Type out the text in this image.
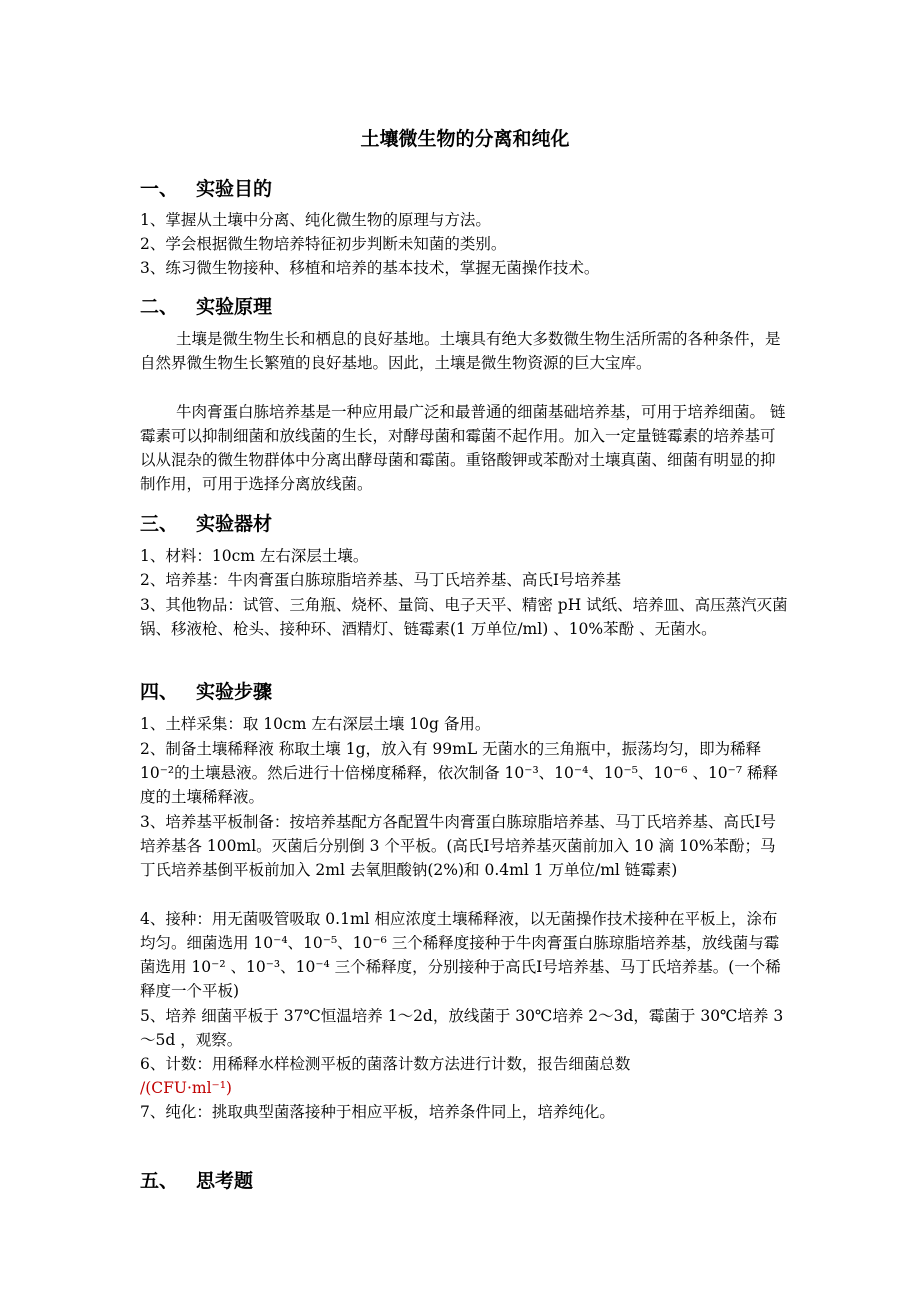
土壤微生物的分离和纯化
一、 实验目的
1、掌握从土壤中分离、纯化微生物的原理与方法。
2、学会根据微生物培养特征初步判断未知菌的类别。
3、练习微生物接种、移植和培养的基本技术，掌握无菌操作技术。
二、 实验原理
土壤是微生物生长和栖息的良好基地。土壤具有绝大多数微生物生活所需的各种条件，是自然界微生物生长繁殖的良好基地。因此，土壤是微生物资源的巨大宝库。
牛肉膏蛋白胨培养基是一种应用最广泛和最普通的细菌基础培养基，可用于培养细菌。 链霉素可以抑制细菌和放线菌的生长，对酵母菌和霉菌不起作用。加入一定量链霉素的培养基可以从混杂的微生物群体中分离出酵母菌和霉菌。重铬酸钾或苯酚对土壤真菌、细菌有明显的抑制作用，可用于选择分离放线菌。
三、 实验器材
1、材料：10cm 左右深层土壤。
2、培养基：牛肉膏蛋白胨琼脂培养基、马丁氏培养基、高氏Ⅰ号培养基
3、其他物品：试管、三角瓶、烧杯、量筒、电子天平、精密 pH 试纸、培养皿、高压蒸汽灭菌锅、移液枪、枪头、接种环、酒精灯、链霉素(1 万单位/ml) 、10%苯酚 、无菌水。
四、 实验步骤
1、土样采集：取 10cm 左右深层土壤 10g 备用。
2、制备土壤稀释液 称取土壤 1g，放入有 99mL 无菌水的三角瓶中，振荡均匀，即为稀释 10⁻²的土壤悬液。然后进行十倍梯度稀释，依次制备 10⁻³、10⁻⁴、10⁻⁵、10⁻⁶ 、10⁻⁷ 稀释度的土壤稀释液。
3、培养基平板制备：按培养基配方各配置牛肉膏蛋白胨琼脂培养基、马丁氏培养基、高氏Ⅰ号培养基各 100ml。灭菌后分别倒 3 个平板。(高氏Ⅰ号培养基灭菌前加入 10 滴 10%苯酚；马丁氏培养基倒平板前加入 2ml 去氧胆酸钠(2%)和 0.4ml 1 万单位/ml 链霉素)
4、接种：用无菌吸管吸取 0.1ml 相应浓度土壤稀释液，以无菌操作技术接种在平板上，涂布均匀。细菌选用 10⁻⁴、10⁻⁵、10⁻⁶ 三个稀释度接种于牛肉膏蛋白胨琼脂培养基，放线菌与霉菌选用 10⁻² 、10⁻³、10⁻⁴ 三个稀释度，分别接种于高氏Ⅰ号培养基、马丁氏培养基。(一个稀释度一个平板)
5、培养 细菌平板于 37℃恒温培养 1～2d，放线菌于 30℃培养 2～3d，霉菌于 30℃培养 3～5d ，观察。
6、计数：用稀释水样检测平板的菌落计数方法进行计数，报告细菌总数
/(CFU·ml⁻¹)
7、纯化：挑取典型菌落接种于相应平板，培养条件同上，培养纯化。
五、 思考题
